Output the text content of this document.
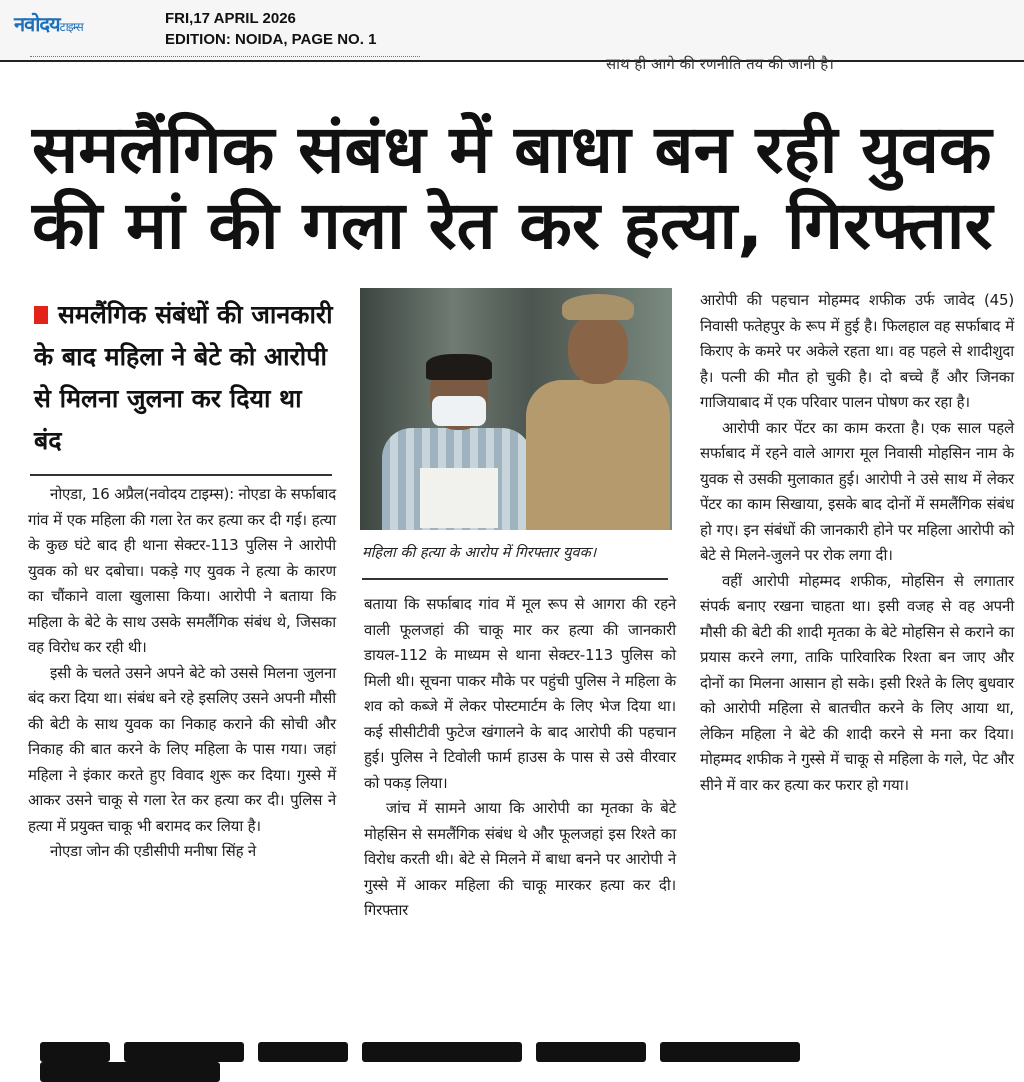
नवोदयटाइम्स	FRI,17 APRIL 2026
EDITION: NOIDA, PAGE NO. 1
साथ ही आगे की रणनीति तय की जानी है।
समलैंगिक संबंध में बाधा बन रही युवक
की मां की गला रेत कर हत्या, गिरफ्तार
समलैंगिक संबंधों की जानकारी के बाद महिला ने बेटे को आरोपी से मिलना जुलना कर दिया था बंद

नोएडा, 16 अप्रैल(नवोदय टाइम्स): नोएडा के सर्फाबाद गांव में एक महिला की गला रेत कर हत्या कर दी गई। हत्या के कुछ घंटे बाद ही थाना सेक्टर-113 पुलिस ने आरोपी युवक को धर दबोचा। पकड़े गए युवक ने हत्या के कारण का चौंकाने वाला खुलासा किया। आरोपी ने बताया कि महिला के बेटे के साथ उसके समलैंगिक संबंध थे, जिसका वह विरोध कर रही थी।

इसी के चलते उसने अपने बेटे को उससे मिलना जुलना बंद करा दिया था। संबंध बने रहे इसलिए उसने अपनी मौसी की बेटी के साथ युवक का निकाह कराने की सोची और निकाह की बात करने के लिए महिला के पास गया। जहां महिला ने इंकार करते हुए विवाद शुरू कर दिया। गुस्से में आकर उसने चाकू से गला रेत कर हत्या कर दी। पुलिस ने हत्या में प्रयुक्त चाकू भी बरामद कर लिया है।

नोएडा जोन की एडीसीपी मनीषा सिंह ने

महिला की हत्या के आरोप में गिरफ्तार युवक।

बताया कि सर्फाबाद गांव में मूल रूप से आगरा की रहने वाली फूलजहां की चाकू मार कर हत्या की जानकारी डायल-112 के माध्यम से थाना सेक्टर-113 पुलिस को मिली थी। सूचना पाकर मौके पर पहुंची पुलिस ने महिला के शव को कब्जे में लेकर पोस्टमार्टम के लिए भेज दिया था। कई सीसीटीवी फुटेज खंगालने के बाद आरोपी की पहचान हुई। पुलिस ने टिवोली फार्म हाउस के पास से उसे वीरवार को पकड़ लिया।

जांच में सामने आया कि आरोपी का मृतका के बेटे मोहसिन से समलैंगिक संबंध थे और फूलजहां इस रिश्ते का विरोध करती थी। बेटे से मिलने में बाधा बनने पर आरोपी ने गुस्से में आकर महिला की चाकू मारकर हत्या कर दी। गिरफ्तार

आरोपी की पहचान मोहम्मद शफीक उर्फ जावेद (45) निवासी फतेहपुर के रूप में हुई है। फिलहाल वह सर्फाबाद में किराए के कमरे पर अकेले रहता था। वह पहले से शादीशुदा है। पत्नी की मौत हो चुकी है। दो बच्चे हैं और जिनका गाजियाबाद में एक परिवार पालन पोषण कर रहा है।

आरोपी कार पेंटर का काम करता है। एक साल पहले सर्फाबाद में रहने वाले आगरा मूल निवासी मोहसिन नाम के युवक से उसकी मुलाकात हुई। आरोपी ने उसे साथ में लेकर पेंटर का काम सिखाया, इसके बाद दोनों में समलैंगिक संबंध हो गए। इन संबंधों की जानकारी होने पर महिला आरोपी को बेटे से मिलने-जुलने पर रोक लगा दी।

वहीं आरोपी मोहम्मद शफीक, मोहसिन से लगातार संपर्क बनाए रखना चाहता था। इसी वजह से वह अपनी मौसी की बेटी की शादी मृतका के बेटे मोहसिन से कराने का प्रयास करने लगा, ताकि पारिवारिक रिश्ता बन जाए और दोनों का मिलना आसान हो सके। इसी रिश्ते के लिए बुधवार को आरोपी महिला से बातचीत करने के लिए आया था, लेकिन महिला ने बेटे की शादी करने से मना कर दिया। मोहम्मद शफीक ने गुस्से में चाकू से महिला के गले, पेट और सीने में वार कर हत्या कर फरार हो गया।
